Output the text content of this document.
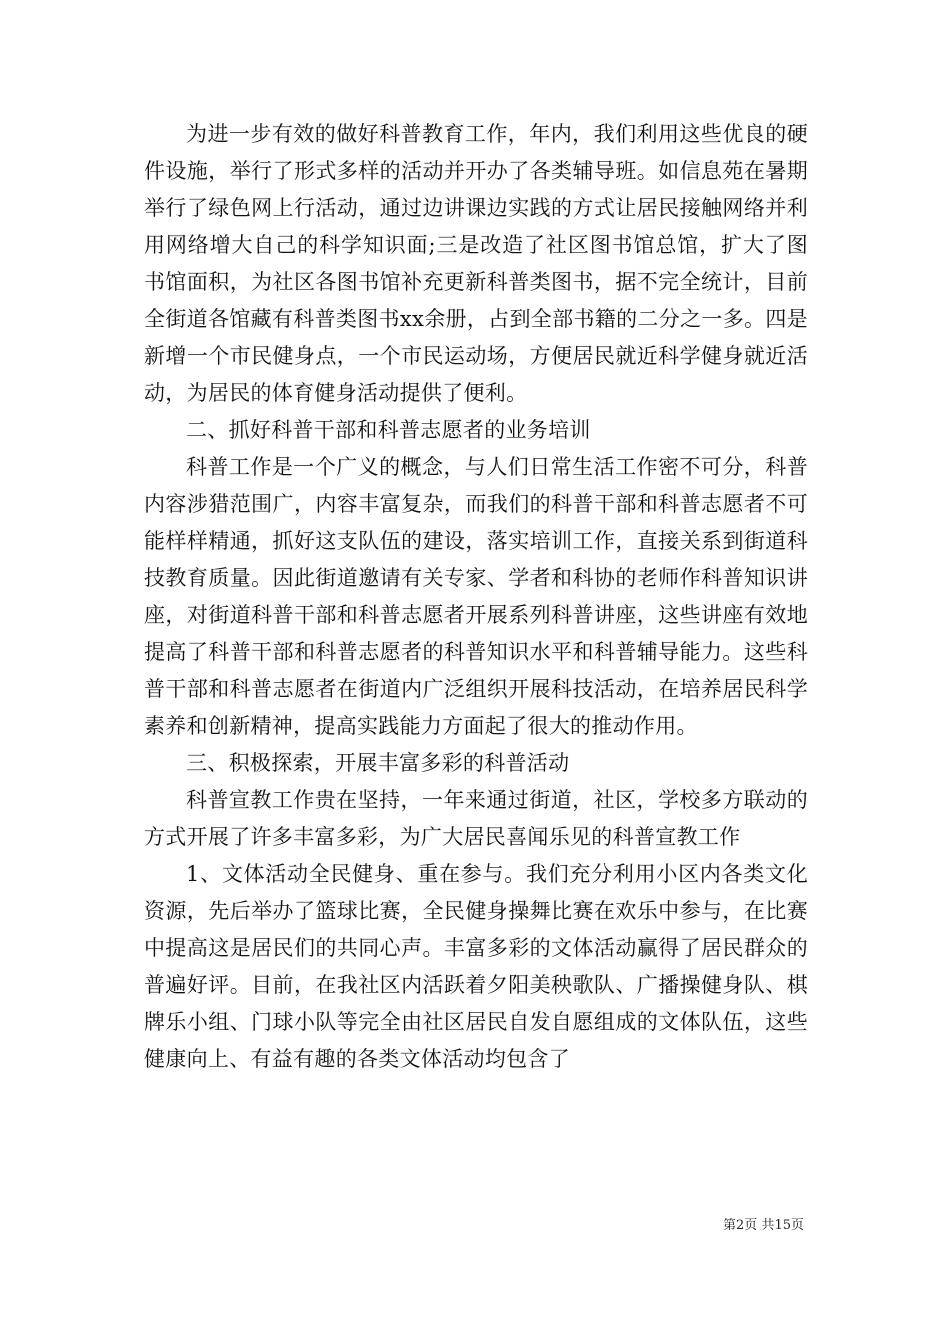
为进一步有效的做好科普教育工作，年内，我们利用这些优良的硬件设施，举行了形式多样的活动并开办了各类辅导班。如信息苑在暑期举行了绿色网上行活动，通过边讲课边实践的方式让居民接触网络并利用网络增大自己的科学知识面;三是改造了社区图书馆总馆，扩大了图书馆面积，为社区各图书馆补充更新科普类图书，据不完全统计，目前全街道各馆藏有科普类图书xx余册，占到全部书籍的二分之一多。四是新增一个市民健身点，一个市民运动场，方便居民就近科学健身就近活动，为居民的体育健身活动提供了便利。

二、抓好科普干部和科普志愿者的业务培训

科普工作是一个广义的概念，与人们日常生活工作密不可分，科普内容涉猎范围广，内容丰富复杂，而我们的科普干部和科普志愿者不可能样样精通，抓好这支队伍的建设，落实培训工作，直接关系到街道科技教育质量。因此街道邀请有关专家、学者和科协的老师作科普知识讲座，对街道科普干部和科普志愿者开展系列科普讲座，这些讲座有效地提高了科普干部和科普志愿者的科普知识水平和科普辅导能力。这些科普干部和科普志愿者在街道内广泛组织开展科技活动，在培养居民科学素养和创新精神，提高实践能力方面起了很大的推动作用。

三、积极探索，开展丰富多彩的科普活动

科普宣教工作贵在坚持，一年来通过街道，社区，学校多方联动的方式开展了许多丰富多彩，为广大居民喜闻乐见的科普宣教工作

1、文体活动全民健身、重在参与。我们充分利用小区内各类文化资源，先后举办了篮球比赛，全民健身操舞比赛在欢乐中参与，在比赛中提高这是居民们的共同心声。丰富多彩的文体活动赢得了居民群众的普遍好评。目前，在我社区内活跃着夕阳美秧歌队、广播操健身队、棋牌乐小组、门球小队等完全由社区居民自发自愿组成的文体队伍，这些健康向上、有益有趣的各类文体活动均包含了

第2页 共15页
